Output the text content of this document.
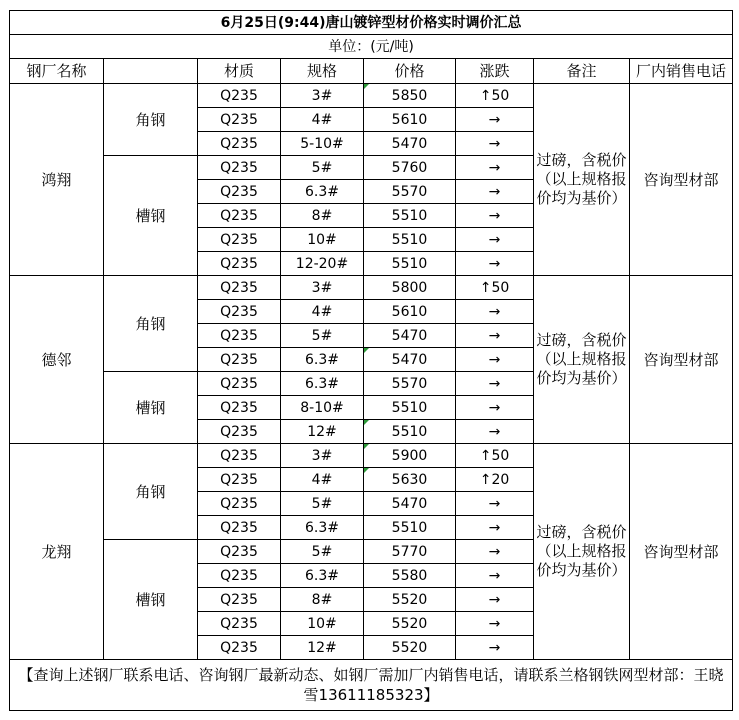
6月25日(9:44)唐山镀锌型材价格实时调价汇总							
单位：(元/吨)							
钢厂名称		材质	规格	价格	涨跌	备注	厂内销售电话
鸿翔	角钢	Q235	3#	5850	↑50	过磅，含税价（以上规格报价均为基价）	咨询型材部
		Q235	4#	5610	→		
		Q235	5-10#	5470	→		
	槽钢	Q235	5#	5760	→		
		Q235	6.3#	5570	→		
		Q235	8#	5510	→		
		Q235	10#	5510	→		
		Q235	12-20#	5510	→		
德邻	角钢	Q235	3#	5800	↑50	过磅，含税价（以上规格报价均为基价）	咨询型材部
		Q235	4#	5610	→		
		Q235	5#	5470	→		
		Q235	6.3#	5470	→		
	槽钢	Q235	6.3#	5570	→		
		Q235	8-10#	5510	→		
		Q235	12#	5510	→		
龙翔	角钢	Q235	3#	5900	↑50	过磅，含税价（以上规格报价均为基价）	咨询型材部
		Q235	4#	5630	↑20		
		Q235	5#	5470	→		
		Q235	6.3#	5510	→		
	槽钢	Q235	5#	5770	→		
		Q235	6.3#	5580	→		
		Q235	8#	5520	→		
		Q235	10#	5520	→		
		Q235	12#	5520	→		
【查询上述钢厂联系电话、咨询钢厂最新动态、如钢厂需加厂内销售电话，请联系兰格钢铁网型材部：王晓雪13611185323】							
